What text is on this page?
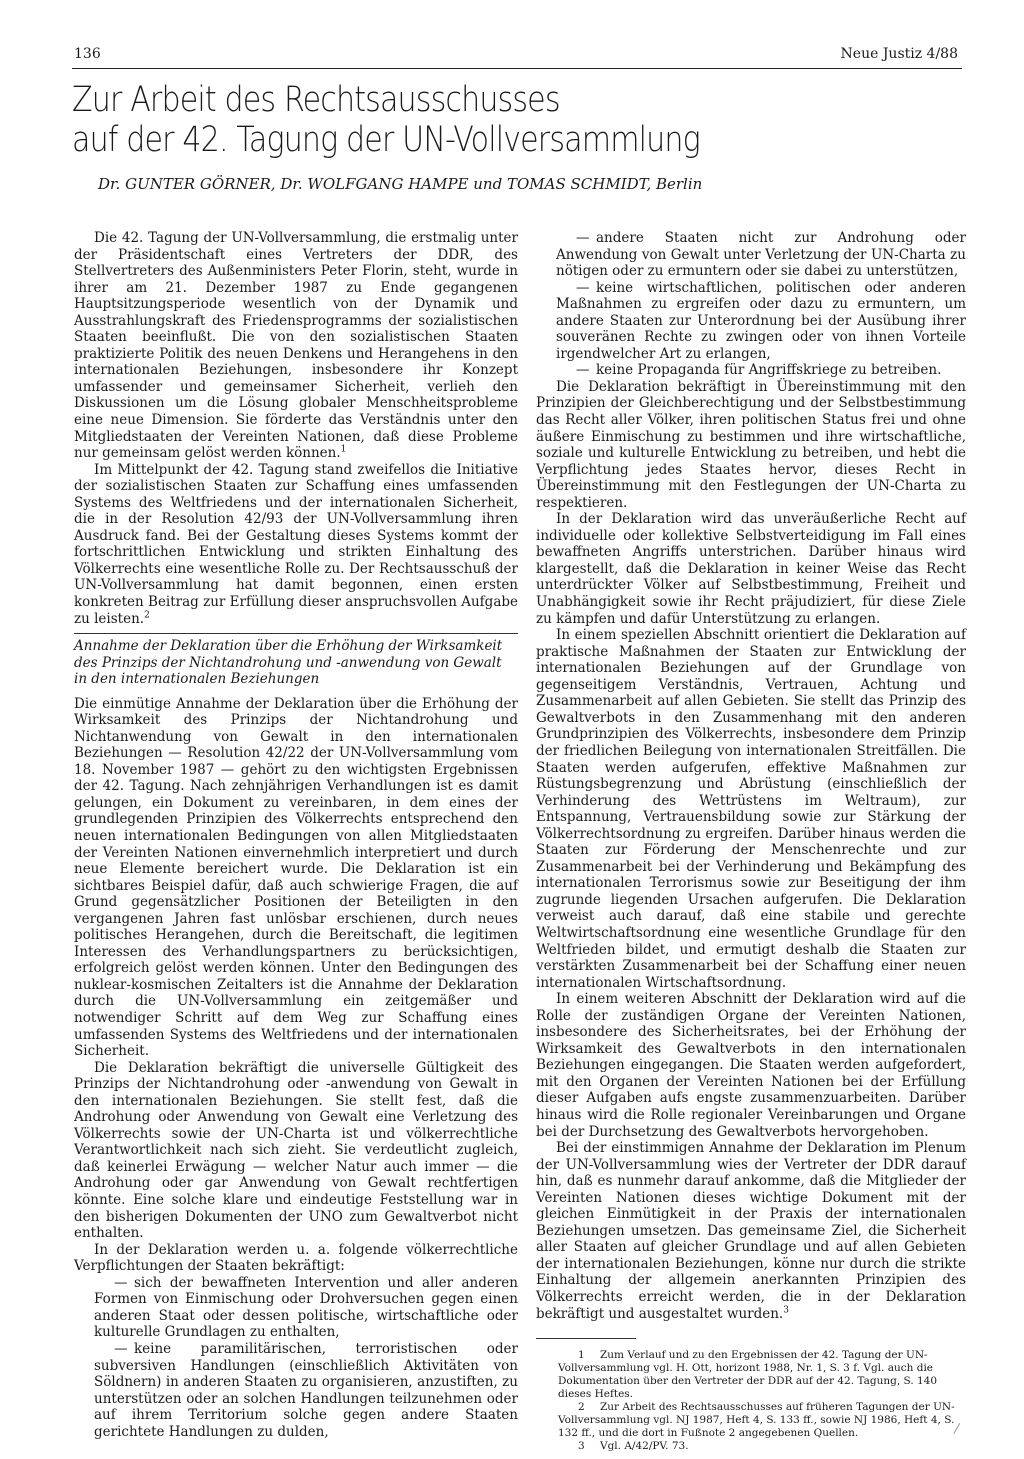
136	Neue Justiz 4/88
Zur Arbeit des Rechtsausschusses
auf der 42. Tagung der UN-Vollversammlung
Dr. GUNTER GÖRNER, Dr. WOLFGANG HAMPE und TOMAS SCHMIDT, Berlin

Die 42. Tagung der UN-Vollversammlung, die erstmalig unter der Präsidentschaft eines Vertreters der DDR, des Stellvertreters des Außenministers Peter Florin, steht, wurde in ihrer am 21. Dezember 1987 zu Ende gegangenen Hauptsitzungsperiode wesentlich von der Dynamik und Ausstrahlungskraft des Friedensprogramms der sozialistischen Staaten beeinflußt. Die von den sozialistischen Staaten praktizierte Politik des neuen Denkens und Herangehens in den internationalen Beziehungen, insbesondere ihr Konzept umfassender und gemeinsamer Sicherheit, verlieh den Diskussionen um die Lösung globaler Menschheitsprobleme eine neue Dimension. Sie förderte das Verständnis unter den Mitgliedstaaten der Vereinten Nationen, daß diese Probleme nur gemeinsam gelöst werden können.$^1$

Im Mittelpunkt der 42. Tagung stand zweifellos die Initiative der sozialistischen Staaten zur Schaffung eines umfassenden Systems des Weltfriedens und der internationalen Sicherheit, die in der Resolution 42/93 der UN-Vollversammlung ihren Ausdruck fand. Bei der Gestaltung dieses Systems kommt der fortschrittlichen Entwicklung und strikten Einhaltung des Völkerrechts eine wesentliche Rolle zu. Der Rechtsausschuß der UN-Vollversammlung hat damit begonnen, einen ersten konkreten Beitrag zur Erfüllung dieser anspruchsvollen Aufgabe zu leisten.$^2$

Annahme der Deklaration über die Erhöhung der Wirksamkeit des Prinzips der Nichtandrohung und -anwendung von Gewalt in den internationalen Beziehungen

Die einmütige Annahme der Deklaration über die Erhöhung der Wirksamkeit des Prinzips der Nichtandrohung und Nichtanwendung von Gewalt in den internationalen Beziehungen — Resolution 42/22 der UN-Vollversammlung vom 18. November 1987 — gehört zu den wichtigsten Ergebnissen der 42. Tagung. Nach zehnjährigen Verhandlungen ist es damit gelungen, ein Dokument zu vereinbaren, in dem eines der grundlegenden Prinzipien des Völkerrechts entsprechend den neuen internationalen Bedingungen von allen Mitgliedstaaten der Vereinten Nationen einvernehmlich interpretiert und durch neue Elemente bereichert wurde. Die Deklaration ist ein sichtbares Beispiel dafür, daß auch schwierige Fragen, die auf Grund gegensätzlicher Positionen der Beteiligten in den vergangenen Jahren fast unlösbar erschienen, durch neues politisches Herangehen, durch die Bereitschaft, die legitimen Interessen des Verhandlungspartners zu berücksichtigen, erfolgreich gelöst werden können. Unter den Bedingungen des nuklear-kosmischen Zeitalters ist die Annahme der Deklaration durch die UN-Vollversammlung ein zeitgemäßer und notwendiger Schritt auf dem Weg zur Schaffung eines umfassenden Systems des Weltfriedens und der internationalen Sicherheit.

Die Deklaration bekräftigt die universelle Gültigkeit des Prinzips der Nichtandrohung oder -anwendung von Gewalt in den internationalen Beziehungen. Sie stellt fest, daß die Androhung oder Anwendung von Gewalt eine Verletzung des Völkerrechts sowie der UN-Charta ist und völkerrechtliche Verantwortlichkeit nach sich zieht. Sie verdeutlicht zugleich, daß keinerlei Erwägung — welcher Natur auch immer — die Androhung oder gar Anwendung von Gewalt rechtfertigen könnte. Eine solche klare und eindeutige Feststellung war in den bisherigen Dokumenten der UNO zum Gewaltverbot nicht enthalten.

In der Deklaration werden u. a. folgende völkerrechtliche Verpflichtungen der Staaten bekräftigt:

— sich der bewaffneten Intervention und aller anderen Formen von Einmischung oder Drohversuchen gegen einen anderen Staat oder dessen politische, wirtschaftliche oder kulturelle Grundlagen zu enthalten,

— keine paramilitärischen, terroristischen oder subversiven Handlungen (einschließlich Aktivitäten von Söldnern) in anderen Staaten zu organisieren, anzustiften, zu unterstützen oder an solchen Handlungen teilzunehmen oder auf ihrem Territorium solche gegen andere Staaten gerichtete Handlungen zu dulden,

— andere Staaten nicht zur Androhung oder Anwendung von Gewalt unter Verletzung der UN-Charta zu nötigen oder zu ermuntern oder sie dabei zu unterstützen,

— keine wirtschaftlichen, politischen oder anderen Maßnahmen zu ergreifen oder dazu zu ermuntern, um andere Staaten zur Unterordnung bei der Ausübung ihrer souveränen Rechte zu zwingen oder von ihnen Vorteile irgendwelcher Art zu erlangen,

— keine Propaganda für Angriffskriege zu betreiben.

Die Deklaration bekräftigt in Übereinstimmung mit den Prinzipien der Gleichberechtigung und der Selbstbestimmung das Recht aller Völker, ihren politischen Status frei und ohne äußere Einmischung zu bestimmen und ihre wirtschaftliche, soziale und kulturelle Entwicklung zu betreiben, und hebt die Verpflichtung jedes Staates hervor, dieses Recht in Übereinstimmung mit den Festlegungen der UN-Charta zu respektieren.

In der Deklaration wird das unveräußerliche Recht auf individuelle oder kollektive Selbstverteidigung im Fall eines bewaffneten Angriffs unterstrichen. Darüber hinaus wird klargestellt, daß die Deklaration in keiner Weise das Recht unterdrückter Völker auf Selbstbestimmung, Freiheit und Unabhängigkeit sowie ihr Recht präjudiziert, für diese Ziele zu kämpfen und dafür Unterstützung zu erlangen.

In einem speziellen Abschnitt orientiert die Deklaration auf praktische Maßnahmen der Staaten zur Entwicklung der internationalen Beziehungen auf der Grundlage von gegenseitigem Verständnis, Vertrauen, Achtung und Zusammenarbeit auf allen Gebieten. Sie stellt das Prinzip des Gewaltverbots in den Zusammenhang mit den anderen Grundprinzipien des Völkerrechts, insbesondere dem Prinzip der friedlichen Beilegung von internationalen Streitfällen. Die Staaten werden aufgerufen, effektive Maßnahmen zur Rüstungsbegrenzung und Abrüstung (einschließlich der Verhinderung des Wettrüstens im Weltraum), zur Entspannung, Vertrauensbildung sowie zur Stärkung der Völkerrechtsordnung zu ergreifen. Darüber hinaus werden die Staaten zur Förderung der Menschenrechte und zur Zusammenarbeit bei der Verhinderung und Bekämpfung des internationalen Terrorismus sowie zur Beseitigung der ihm zugrunde liegenden Ursachen aufgerufen. Die Deklaration verweist auch darauf, daß eine stabile und gerechte Weltwirtschaftsordnung eine wesentliche Grundlage für den Weltfrieden bildet, und ermutigt deshalb die Staaten zur verstärkten Zusammenarbeit bei der Schaffung einer neuen internationalen Wirtschaftsordnung.

In einem weiteren Abschnitt der Deklaration wird auf die Rolle der zuständigen Organe der Vereinten Nationen, insbesondere des Sicherheitsrates, bei der Erhöhung der Wirksamkeit des Gewaltverbots in den internationalen Beziehungen eingegangen. Die Staaten werden aufgefordert, mit den Organen der Vereinten Nationen bei der Erfüllung dieser Aufgaben aufs engste zusammenzuarbeiten. Darüber hinaus wird die Rolle regionaler Vereinbarungen und Organe bei der Durchsetzung des Gewaltverbots hervorgehoben.

Bei der einstimmigen Annahme der Deklaration im Plenum der UN-Vollversammlung wies der Vertreter der DDR darauf hin, daß es nunmehr darauf ankomme, daß die Mitglieder der Vereinten Nationen dieses wichtige Dokument mit der gleichen Einmütigkeit in der Praxis der internationalen Beziehungen umsetzen. Das gemeinsame Ziel, die Sicherheit aller Staaten auf gleicher Grundlage und auf allen Gebieten der internationalen Beziehungen, könne nur durch die strikte Einhaltung der allgemein anerkannten Prinzipien des Völkerrechts erreicht werden, die in der Deklaration bekräftigt und ausgestaltet wurden.$^3$

1 Zum Verlauf und zu den Ergebnissen der 42. Tagung der UN-Vollversammlung vgl. H. Ott, horizont 1988, Nr. 1, S. 3 f. Vgl. auch die Dokumentation über den Vertreter der DDR auf der 42. Tagung, S. 140 dieses Heftes.

2 Zur Arbeit des Rechtsausschusses auf früheren Tagungen der UN-Vollversammlung vgl. NJ 1987, Heft 4, S. 133 ff., sowie NJ 1986, Heft 4, S. 132 ff., und die dort in Fußnote 2 angegebenen Quellen.

3 Vgl. A/42/PV. 73.
